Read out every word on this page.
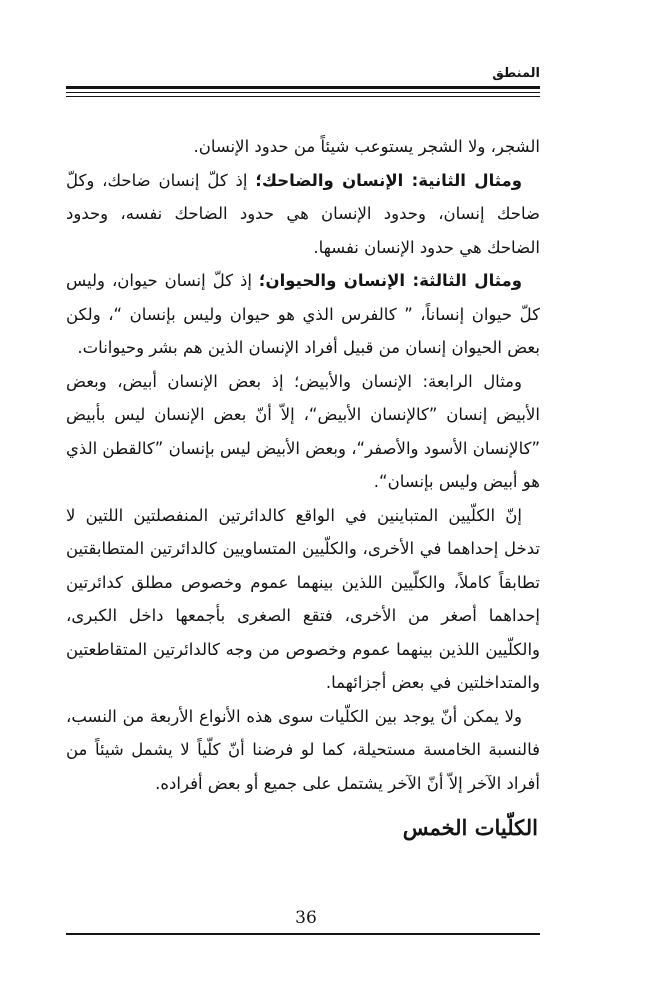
المنطق

الشجر، ولا الشجر يستوعب شيئاً من حدود الإنسان.

ومثال الثانية: الإنسان والضاحك؛ إذ كلّ إنسان ضاحك، وكلّ ضاحك إنسان، وحدود الإنسان هي حدود الضاحك نفسه، وحدود الضاحك هي حدود الإنسان نفسها.

ومثال الثالثة: الإنسان والحيوان؛ إذ كلّ إنسان حيوان، وليس كلّ حيوان إنساناً، ” كالفرس الذي هو حيوان وليس بإنسان “، ولكن بعض الحيوان إنسان من قبيل أفراد الإنسان الذين هم بشر وحيوانات.

ومثال الرابعة: الإنسان والأبيض؛ إذ بعض الإنسان أبيض، وبعض الأبيض إنسان ”كالإنسان الأبيض“، إلاّ أنّ بعض الإنسان ليس بأبيض ”كالإنسان الأسود والأصفر“، وبعض الأبيض ليس بإنسان ”كالقطن الذي هو أبيض وليس بإنسان“.

إنّ الكلّيين المتباينين في الواقع كالدائرتين المنفصلتين اللتين لا تدخل إحداهما في الأخرى، والكلّيين المتساويين كالدائرتين المتطابقتين تطابقاً كاملاً، والكلّيين اللذين بينهما عموم وخصوص مطلق كدائرتين إحداهما أصغر من الأخرى، فتقع الصغرى بأجمعها داخل الكبرى، والكلّيين اللذين بينهما عموم وخصوص من وجه كالدائرتين المتقاطعتين والمتداخلتين في بعض أجزائهما.

ولا يمكن أنّ يوجد بين الكلّيات سوى هذه الأنواع الأربعة من النسب، فالنسبة الخامسة مستحيلة، كما لو فرضنا أنّ كلّياً لا يشمل شيئاً من أفراد الآخر إلاّ أنّ الآخر يشتمل على جميع أو بعض أفراده.

الكلّيات الخمس
36
